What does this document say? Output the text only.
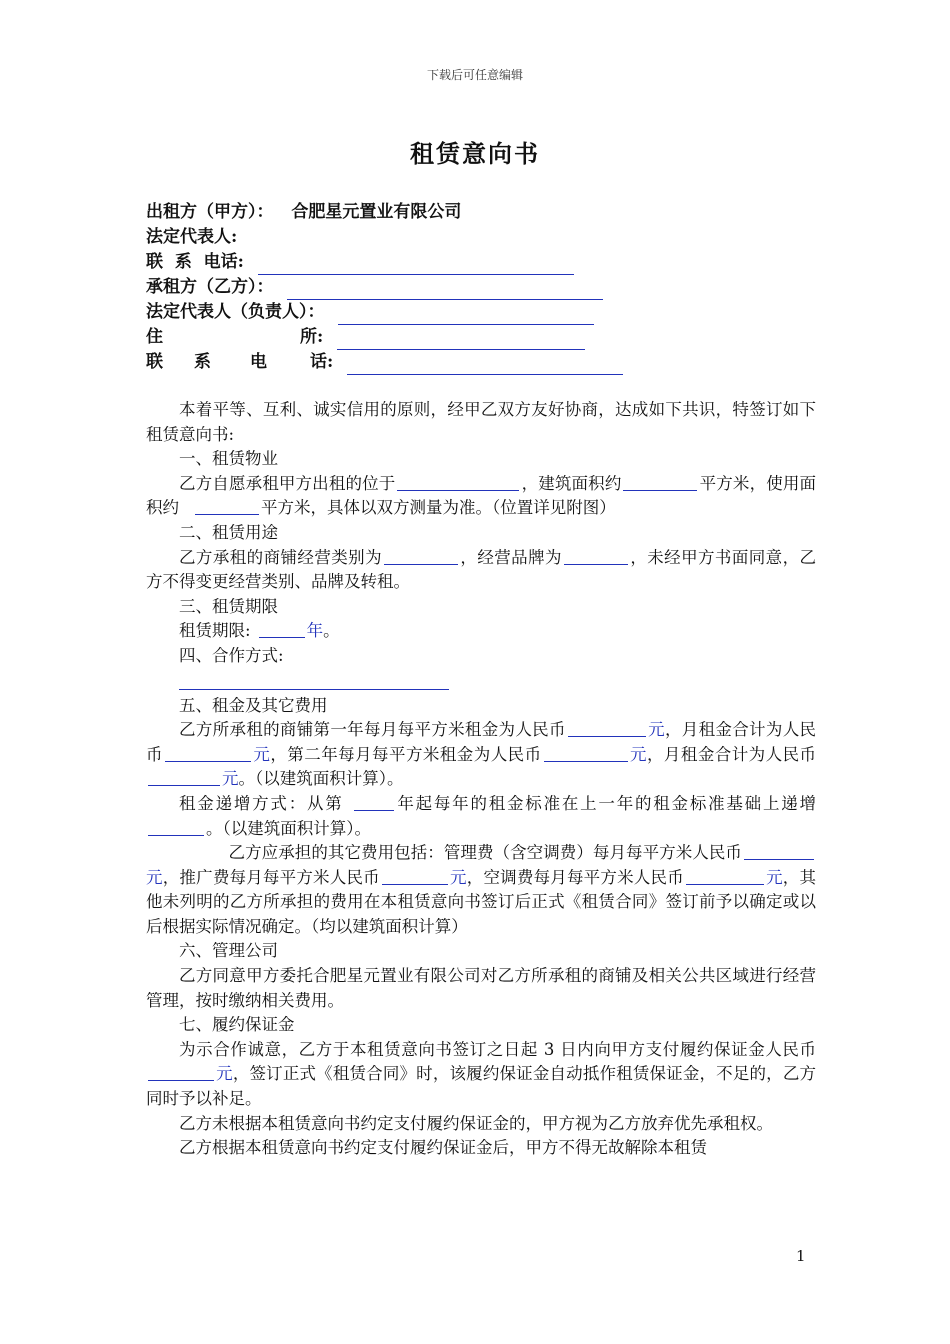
下载后可任意编辑
租赁意向书
出租方（甲方）： 合肥星元置业有限公司
法定代表人:
联  系  电话:
承租方（乙方）：
法定代表人（负责人）：
住	所:
联 系 电	话:

本着平等、互利、诚实信用的原则，经甲乙双方友好协商，达成如下共识，特签订如下租赁意向书:

一、租赁物业

乙方自愿承租甲方出租的位于	，建筑面积约	平方米，使用面积约	平方米，具体以双方测量为准。（位置详见附图）

二、租赁用途

乙方承租的商铺经营类别为	，经营品牌为	，未经甲方书面同意，乙方不得变更经营类别、品牌及转租。

三、租赁期限

租赁期限:	年。

四、合作方式:

五、租金及其它费用

乙方所承租的商铺第一年每月每平方米租金为人民币	元，月租金合计为人民币	元，第二年每月每平方米租金为人民币	元，月租金合计为人民币元。（以建筑面积计算）。

租金递增方式：从第	年起每年的租金标准在上一年的租金标准基础上递增。（以建筑面积计算）。

乙方应承担的其它费用包括：管理费（含空调费）每月每平方米人民币元，推广费每月每平方米人民币	元，空调费每月每平方米人民币	元，其他未列明的乙方所承担的费用在本租赁意向书签订后正式《租赁合同》签订前予以确定或以后根据实际情况确定。（均以建筑面积计算）

六、管理公司

乙方同意甲方委托合肥星元置业有限公司对乙方所承租的商铺及相关公共区域进行经营管理，按时缴纳相关费用。

七、履约保证金

为示合作诚意，乙方于本租赁意向书签订之日起 3 日内向甲方支付履约保证金人民币元，签订正式《租赁合同》时，该履约保证金自动抵作租赁保证金，不足的，乙方同时予以补足。

乙方未根据本租赁意向书约定支付履约保证金的，甲方视为乙方放弃优先承租权。

乙方根据本租赁意向书约定支付履约保证金后，甲方不得无故解除本租赁

1
